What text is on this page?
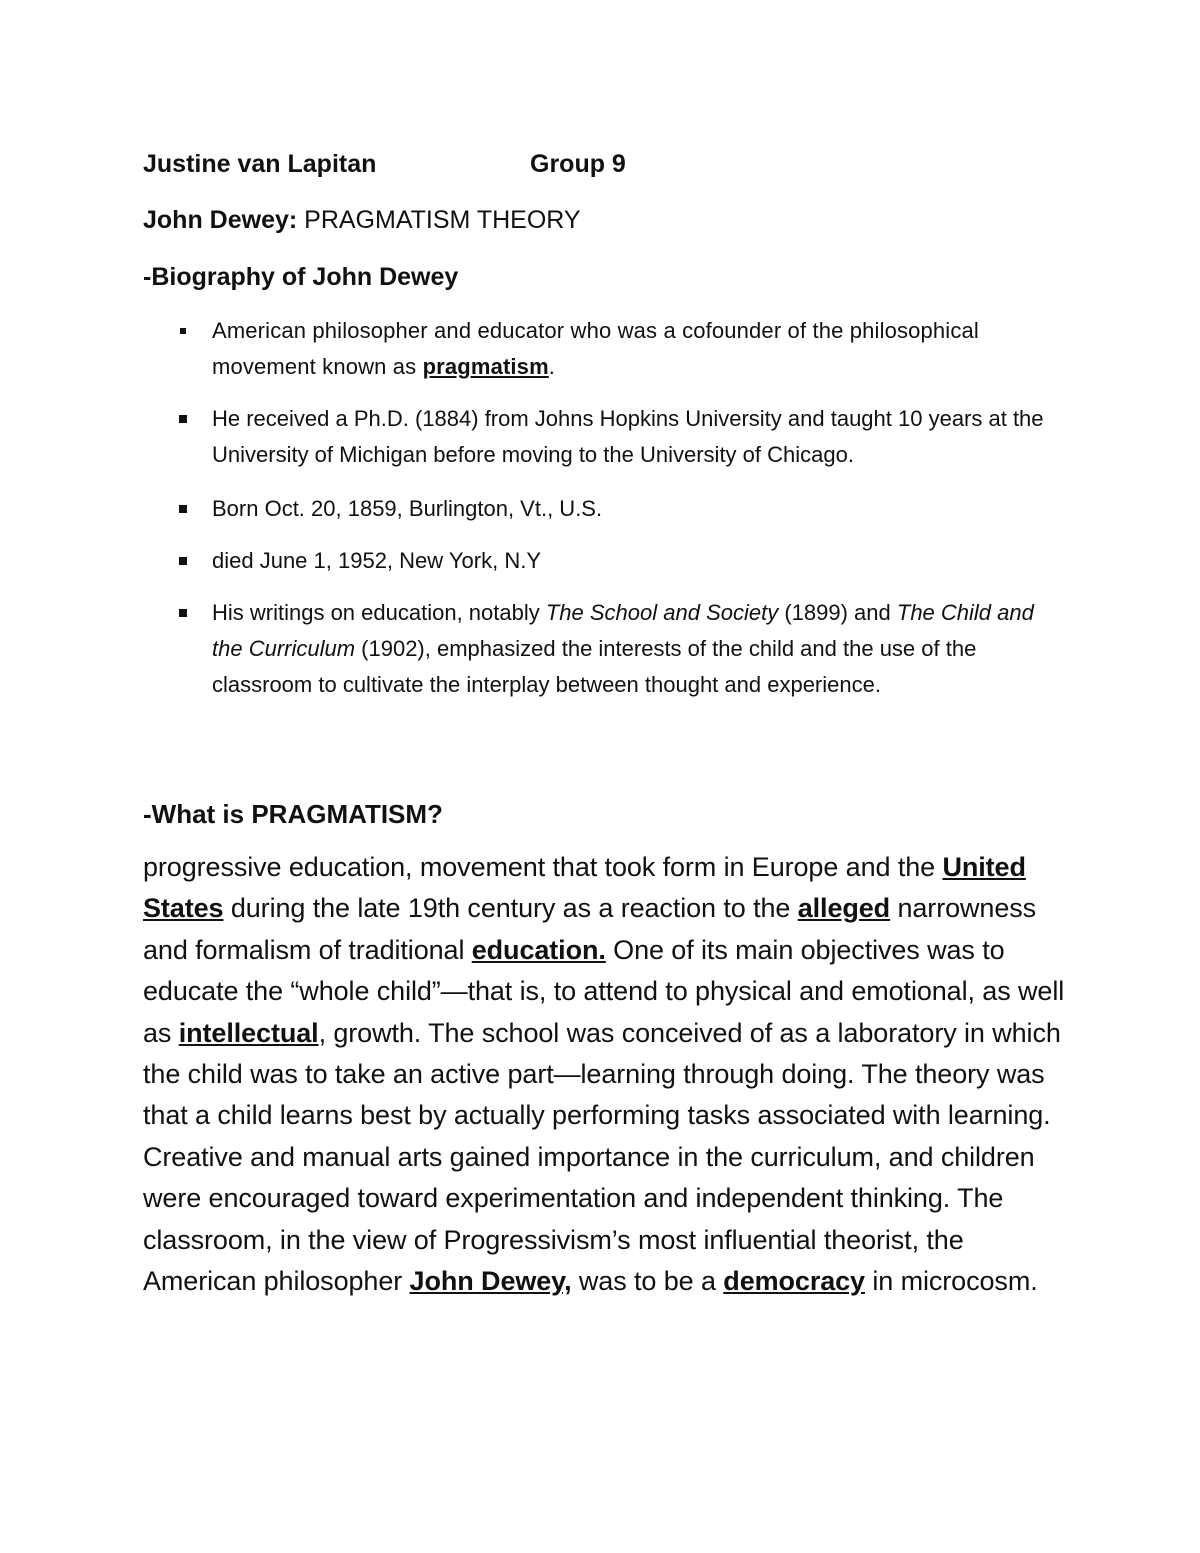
Justine van Lapitan	Group 9
John Dewey: PRAGMATISM THEORY
-Biography of John Dewey
American philosopher and educator who was a cofounder of the philosophical movement known as pragmatism.
He received a Ph.D. (1884) from Johns Hopkins University and taught 10 years at the University of Michigan before moving to the University of Chicago.
Born Oct. 20, 1859, Burlington, Vt., U.S.
died June 1, 1952, New York, N.Y
His writings on education, notably The School and Society (1899) and The Child and the Curriculum (1902), emphasized the interests of the child and the use of the classroom to cultivate the interplay between thought and experience.
-What is PRAGMATISM?
progressive education, movement that took form in Europe and the United States during the late 19th century as a reaction to the alleged narrowness and formalism of traditional education. One of its main objectives was to educate the “whole child”—that is, to attend to physical and emotional, as well as intellectual, growth. The school was conceived of as a laboratory in which the child was to take an active part—learning through doing. The theory was that a child learns best by actually performing tasks associated with learning. Creative and manual arts gained importance in the curriculum, and children were encouraged toward experimentation and independent thinking. The classroom, in the view of Progressivism’s most influential theorist, the American philosopher John Dewey, was to be a democracy in microcosm.
